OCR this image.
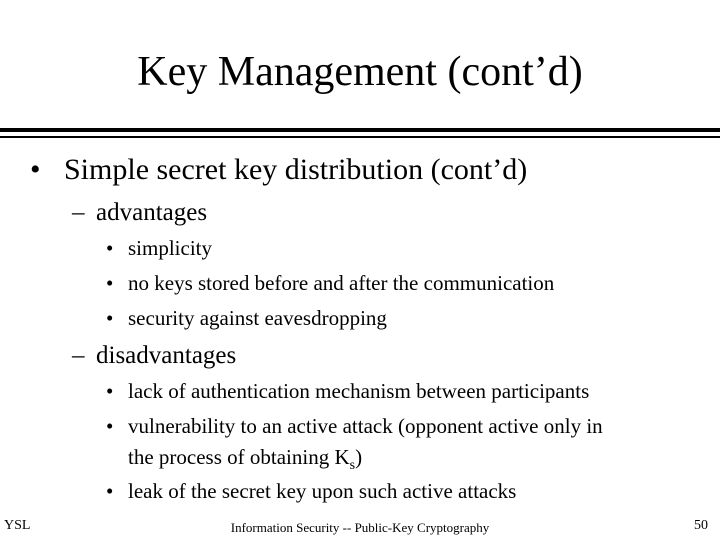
Key Management (cont’d)
• Simple secret key distribution (cont’d)
– advantages
• simplicity
• no keys stored before and after the communication
• security against eavesdropping
– disadvantages
• lack of authentication mechanism between participants
• vulnerability to an active attack (opponent active only in
the process of obtaining $K_s$)
• leak of the secret key upon such active attacks
YSL	Information Security -- Public-Key Cryptography	50
